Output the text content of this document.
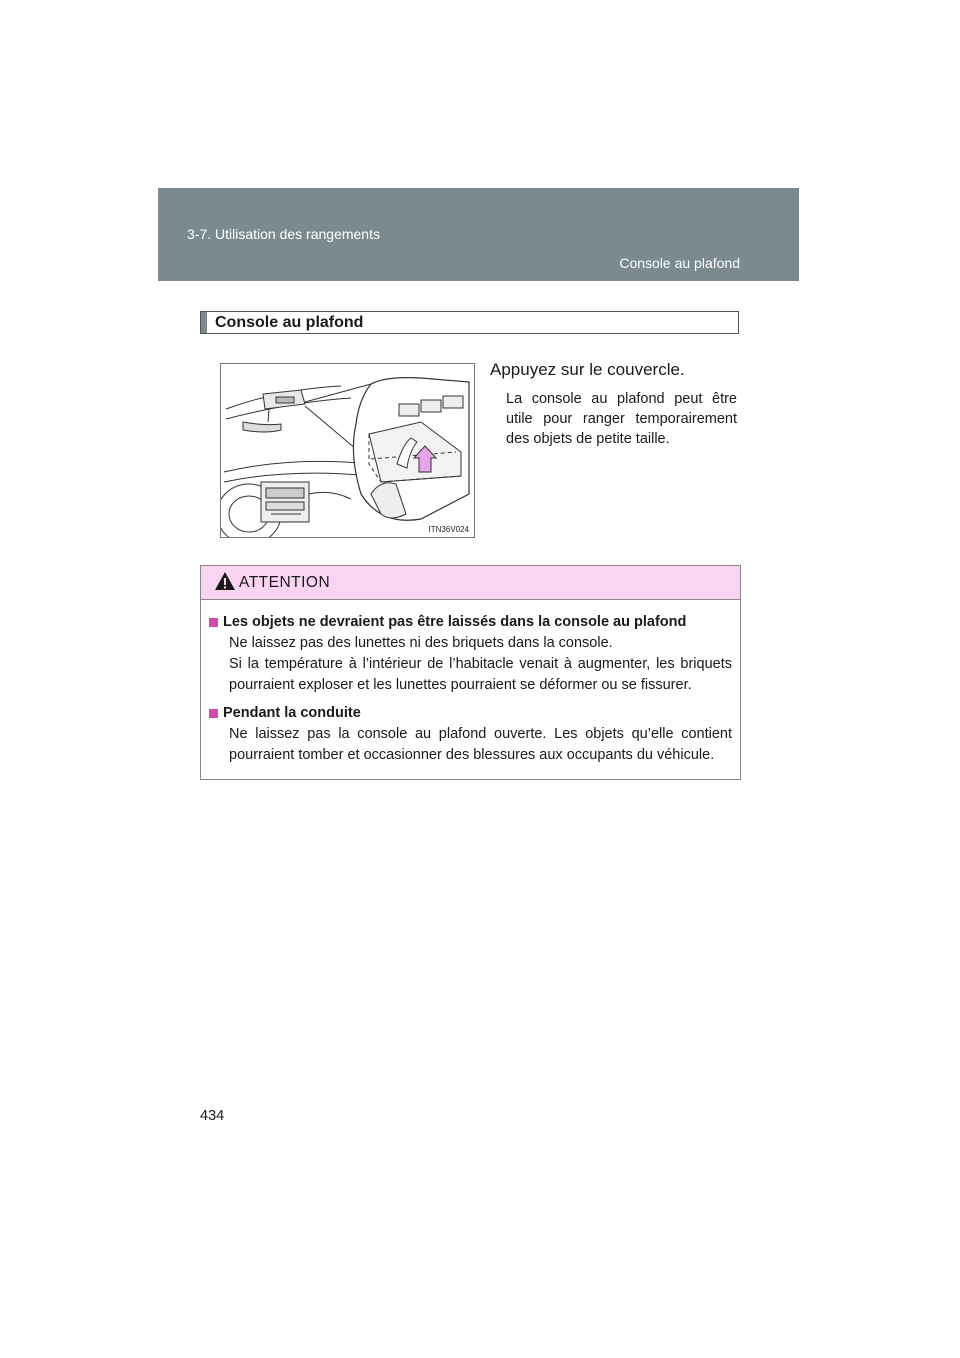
3-7. Utilisation des rangements
Console au plafond
Console au plafond
ITN36V024
Appuyez sur le couvercle.
La console au plafond peut être utile pour ranger temporairement des objets de petite taille.
ATTENTION
Les objets ne devraient pas être laissés dans la console au plafond
Ne laissez pas des lunettes ni des briquets dans la console.
Si la température à l’intérieur de l’habitacle venait à augmenter, les briquets pourraient exploser et les lunettes pourraient se déformer ou se fissurer.
Pendant la conduite
Ne laissez pas la console au plafond ouverte. Les objets qu’elle contient pourraient tomber et occasionner des blessures aux occupants du véhicule.
434
